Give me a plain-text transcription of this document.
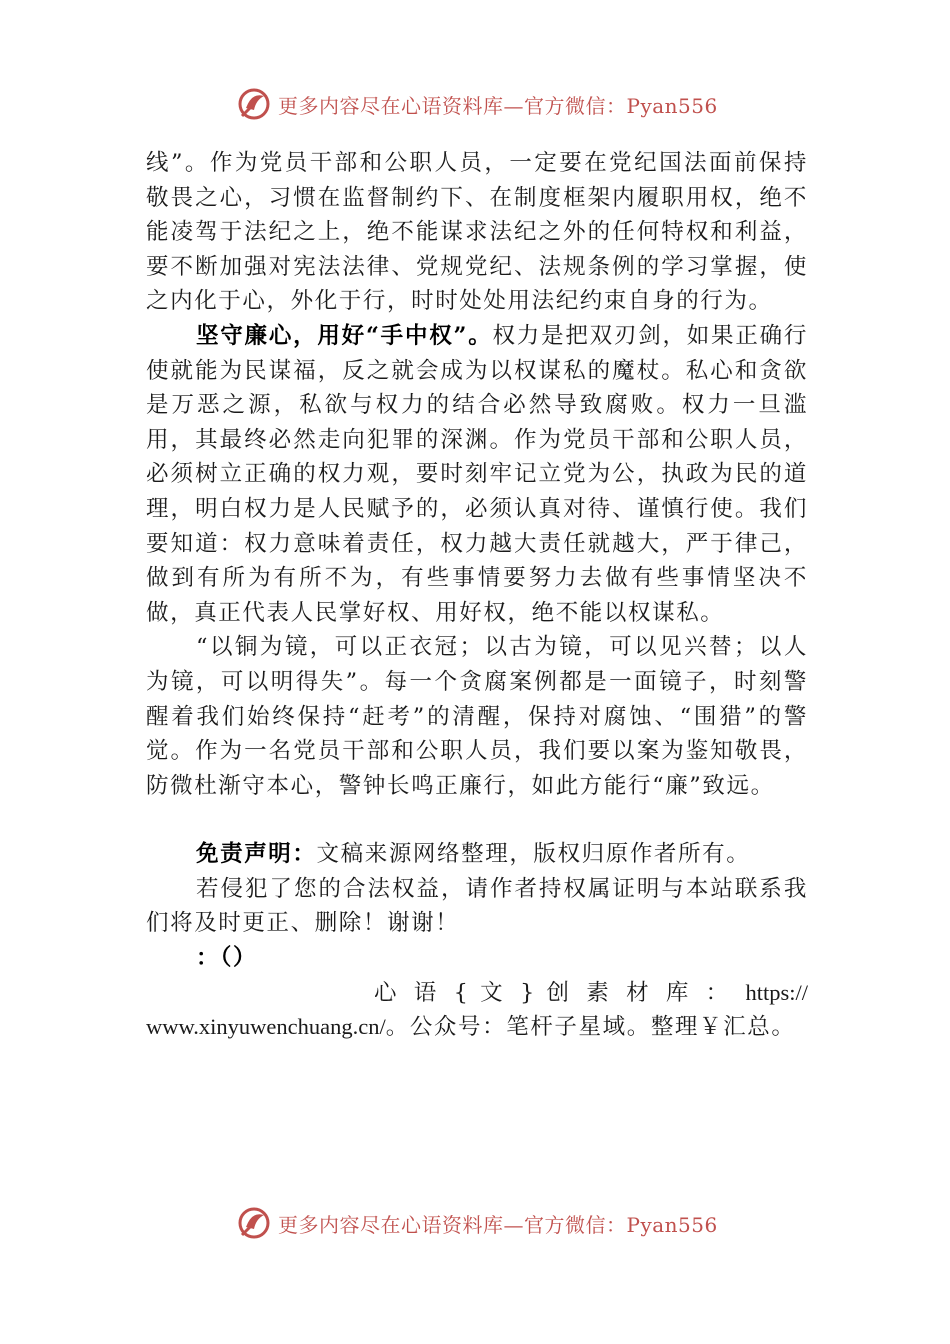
更多内容尽在心语资料库—官方微信：Pyan556

线”。作为党员干部和公职人员，一定要在党纪国法面前保持敬畏之心，习惯在监督制约下、在制度框架内履职用权，绝不能凌驾于法纪之上，绝不能谋求法纪之外的任何特权和利益，要不断加强对宪法法律、党规党纪、法规条例的学习掌握，使之内化于心，外化于行，时时处处用法纪约束自身的行为。

坚守廉心，用好“手中权”。权力是把双刃剑，如果正确行使就能为民谋福，反之就会成为以权谋私的魔杖。私心和贪欲是万恶之源，私欲与权力的结合必然导致腐败。权力一旦滥用，其最终必然走向犯罪的深渊。作为党员干部和公职人员，必须树立正确的权力观，要时刻牢记立党为公，执政为民的道理，明白权力是人民赋予的，必须认真对待、谨慎行使。我们要知道：权力意味着责任，权力越大责任就越大，严于律己，做到有所为有所不为，有些事情要努力去做有些事情坚决不做，真正代表人民掌好权、用好权，绝不能以权谋私。

“以铜为镜，可以正衣冠；以古为镜，可以见兴替；以人为镜，可以明得失”。每一个贪腐案例都是一面镜子，时刻警醒着我们始终保持“赶考”的清醒，保持对腐蚀、“围猎”的警觉。作为一名党员干部和公职人员，我们要以案为鉴知敬畏，防微杜渐守本心，警钟长鸣正廉行，如此方能行“廉”致远。

免责声明：文稿来源网络整理，版权归原作者所有。

若侵犯了您的合法权益，请作者持权属证明与本站联系我们将及时更正、删除！谢谢！

：（）

心 语 { 文 } 创 素 材 库 ： https://

www.xinyuwenchuang.cn/。公众号：笔杆子星域。整理￥汇总。

更多内容尽在心语资料库—官方微信：Pyan556
